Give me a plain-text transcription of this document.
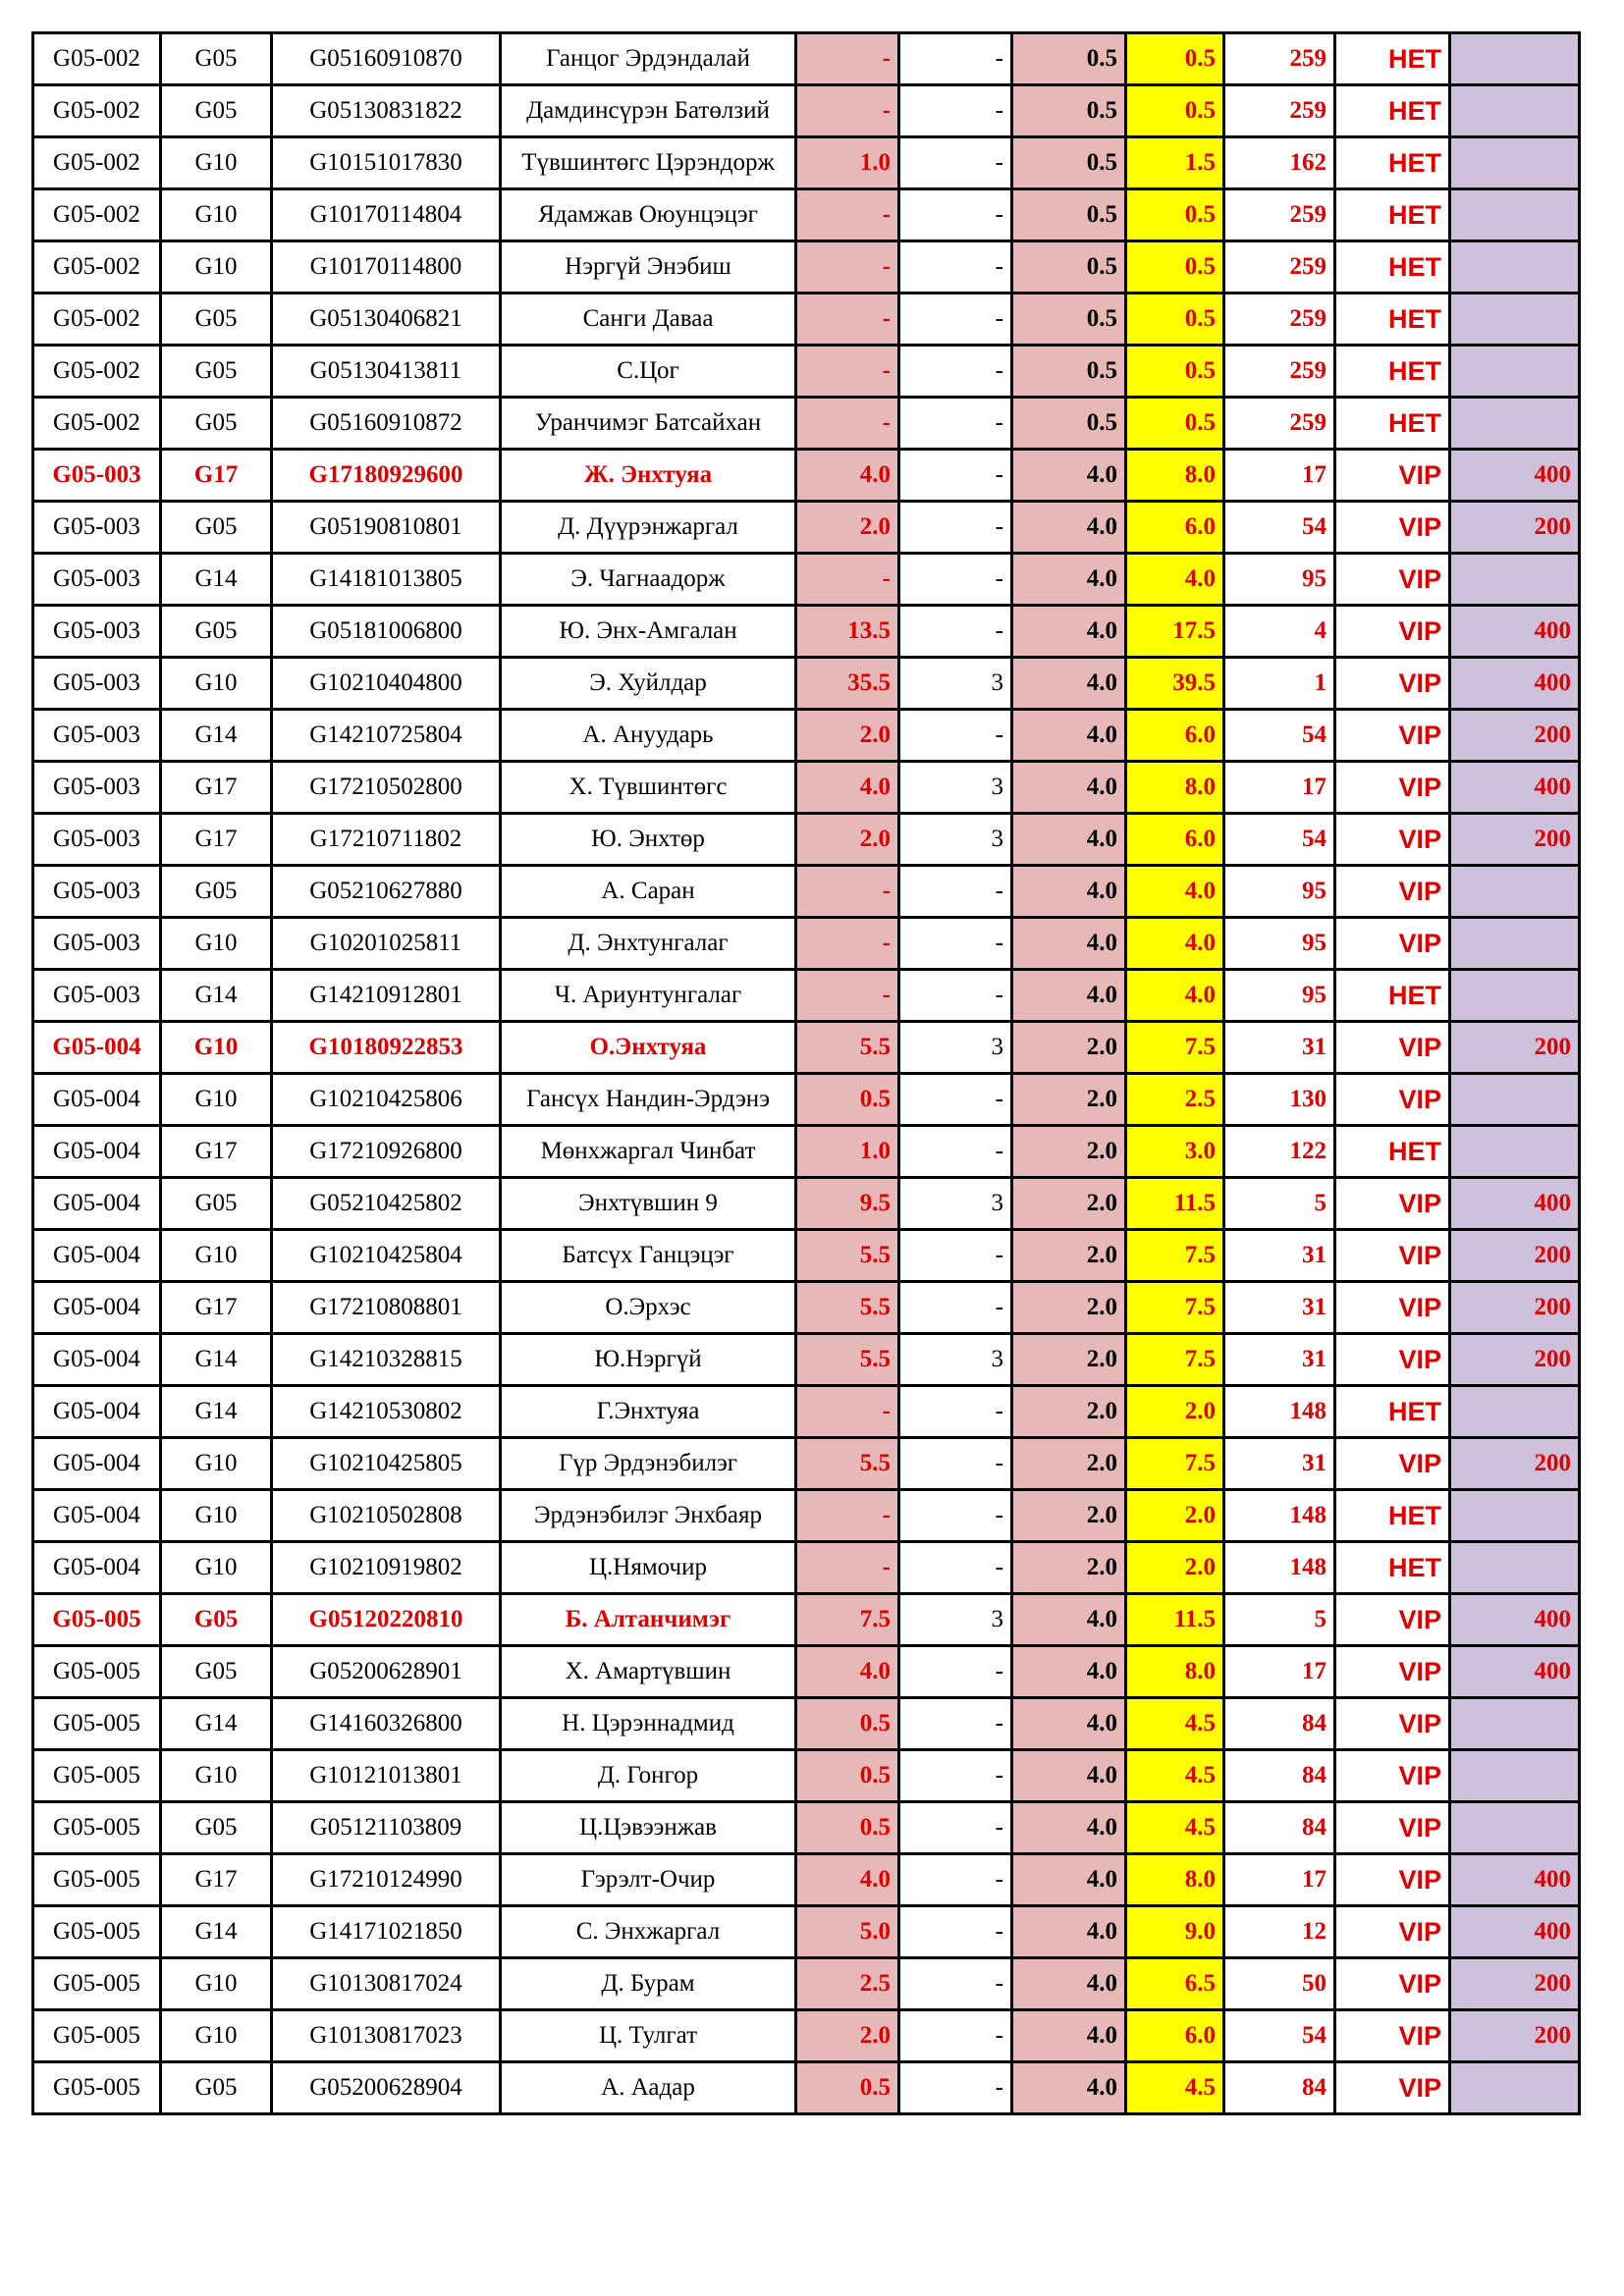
G05-002	G05	G05160910870	Ганцог Эрдэндалай	-	-	0.5	0.5	259	НЕТ	
G05-002	G05	G05130831822	Дамдинсүрэн Батөлзий	-	-	0.5	0.5	259	НЕТ	
G05-002	G10	G10151017830	Түвшинтөгс Цэрэндорж	1.0	-	0.5	1.5	162	НЕТ	
G05-002	G10	G10170114804	Ядамжав Оюунцэцэг	-	-	0.5	0.5	259	НЕТ	
G05-002	G10	G10170114800	Нэргүй Энэбиш	-	-	0.5	0.5	259	НЕТ	
G05-002	G05	G05130406821	Санги Даваа	-	-	0.5	0.5	259	НЕТ	
G05-002	G05	G05130413811	С.Цог	-	-	0.5	0.5	259	НЕТ	
G05-002	G05	G05160910872	Уранчимэг Батсайхан	-	-	0.5	0.5	259	НЕТ	
G05-003	G17	G17180929600	Ж. Энхтуяа	4.0	-	4.0	8.0	17	VIP	400
G05-003	G05	G05190810801	Д. Дүүрэнжаргал	2.0	-	4.0	6.0	54	VIP	200
G05-003	G14	G14181013805	Э. Чагнаадорж	-	-	4.0	4.0	95	VIP	
G05-003	G05	G05181006800	Ю. Энх-Амгалан	13.5	-	4.0	17.5	4	VIP	400
G05-003	G10	G10210404800	Э. Хуйлдар	35.5	3	4.0	39.5	1	VIP	400
G05-003	G14	G14210725804	А. Ануударь	2.0	-	4.0	6.0	54	VIP	200
G05-003	G17	G17210502800	Х. Түвшинтөгс	4.0	3	4.0	8.0	17	VIP	400
G05-003	G17	G17210711802	Ю. Энхтөр	2.0	3	4.0	6.0	54	VIP	200
G05-003	G05	G05210627880	А. Саран	-	-	4.0	4.0	95	VIP	
G05-003	G10	G10201025811	Д. Энхтунгалаг	-	-	4.0	4.0	95	VIP	
G05-003	G14	G14210912801	Ч. Ариунтунгалаг	-	-	4.0	4.0	95	НЕТ	
G05-004	G10	G10180922853	О.Энхтуяа	5.5	3	2.0	7.5	31	VIP	200
G05-004	G10	G10210425806	Гансүх Нандин-Эрдэнэ	0.5	-	2.0	2.5	130	VIP	
G05-004	G17	G17210926800	Мөнхжаргал Чинбат	1.0	-	2.0	3.0	122	НЕТ	
G05-004	G05	G05210425802	Энхтүвшин 9	9.5	3	2.0	11.5	5	VIP	400
G05-004	G10	G10210425804	Батсүх Ганцэцэг	5.5	-	2.0	7.5	31	VIP	200
G05-004	G17	G17210808801	О.Эрхэс	5.5	-	2.0	7.5	31	VIP	200
G05-004	G14	G14210328815	Ю.Нэргүй	5.5	3	2.0	7.5	31	VIP	200
G05-004	G14	G14210530802	Г.Энхтуяа	-	-	2.0	2.0	148	НЕТ	
G05-004	G10	G10210425805	Гүр Эрдэнэбилэг	5.5	-	2.0	7.5	31	VIP	200
G05-004	G10	G10210502808	Эрдэнэбилэг Энхбаяр	-	-	2.0	2.0	148	НЕТ	
G05-004	G10	G10210919802	Ц.Нямочир	-	-	2.0	2.0	148	НЕТ	
G05-005	G05	G05120220810	Б. Алтанчимэг	7.5	3	4.0	11.5	5	VIP	400
G05-005	G05	G05200628901	Х. Амартүвшин	4.0	-	4.0	8.0	17	VIP	400
G05-005	G14	G14160326800	Н. Цэрэннадмид	0.5	-	4.0	4.5	84	VIP	
G05-005	G10	G10121013801	Д. Гонгор	0.5	-	4.0	4.5	84	VIP	
G05-005	G05	G05121103809	Ц.Цэвээнжав	0.5	-	4.0	4.5	84	VIP	
G05-005	G17	G17210124990	Гэрэлт-Очир	4.0	-	4.0	8.0	17	VIP	400
G05-005	G14	G14171021850	С. Энхжаргал	5.0	-	4.0	9.0	12	VIP	400
G05-005	G10	G10130817024	Д. Бурам	2.5	-	4.0	6.5	50	VIP	200
G05-005	G10	G10130817023	Ц. Тулгат	2.0	-	4.0	6.0	54	VIP	200
G05-005	G05	G05200628904	А. Аадар	0.5	-	4.0	4.5	84	VIP	
